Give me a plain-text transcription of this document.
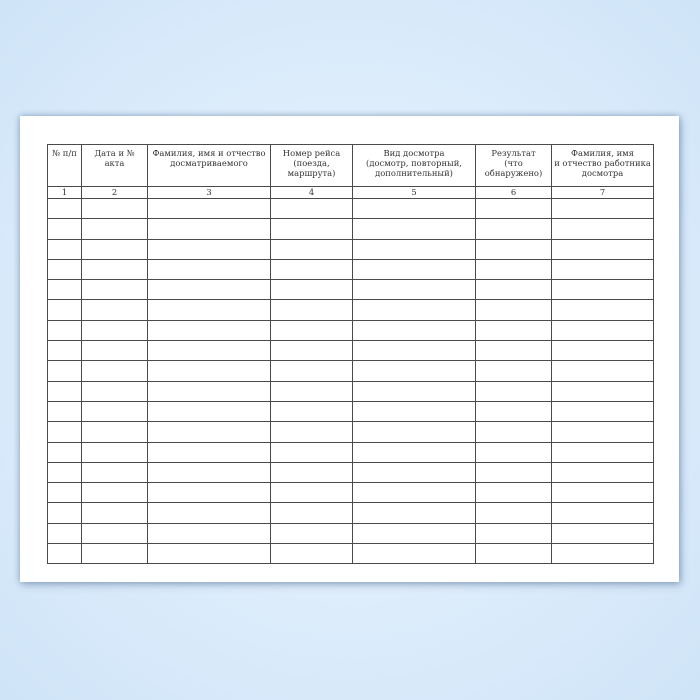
№ п/п	Дата и № акта	Фамилия, имя и отчество
досматриваемого	Номер рейса
(поезда,
маршрута)	Вид досмотра
(досмотр, повторный,
дополнительный)	Результат
(что
обнаружено)	Фамилия, имя
и отчество работника
досмотра

1	2	3	4	5	6	7
